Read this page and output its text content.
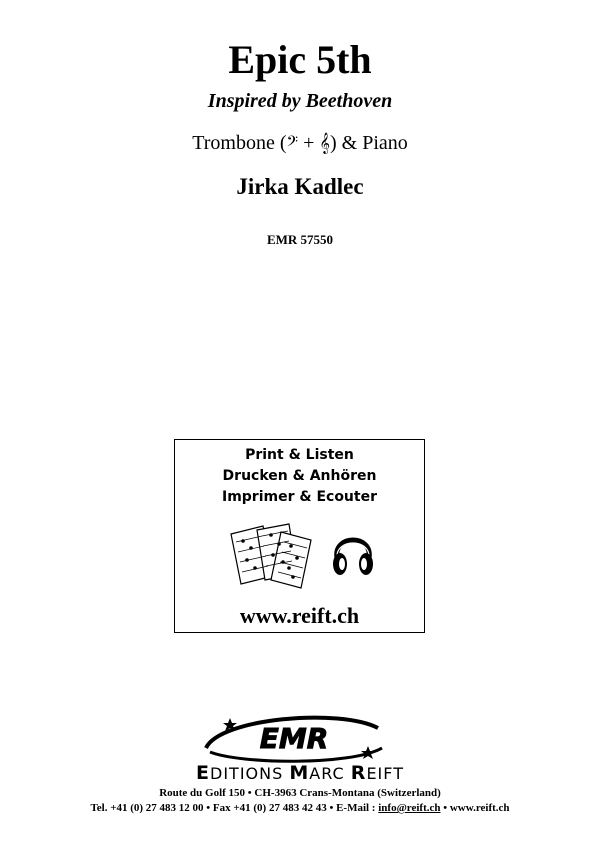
Epic 5th
Inspired by Beethoven
Trombone (𝄢 + 𝄞) & Piano
Jirka Kadlec
EMR 57550
Print & Listen
Drucken & Anhören
Imprimer & Ecouter
www.reift.ch
EMR
EDITIONS MARC REIFT
Route du Golf 150 • CH-3963 Crans-Montana (Switzerland)
Tel. +41 (0) 27 483 12 00 • Fax +41 (0) 27 483 42 43 • E-Mail : info@reift.ch • www.reift.ch
